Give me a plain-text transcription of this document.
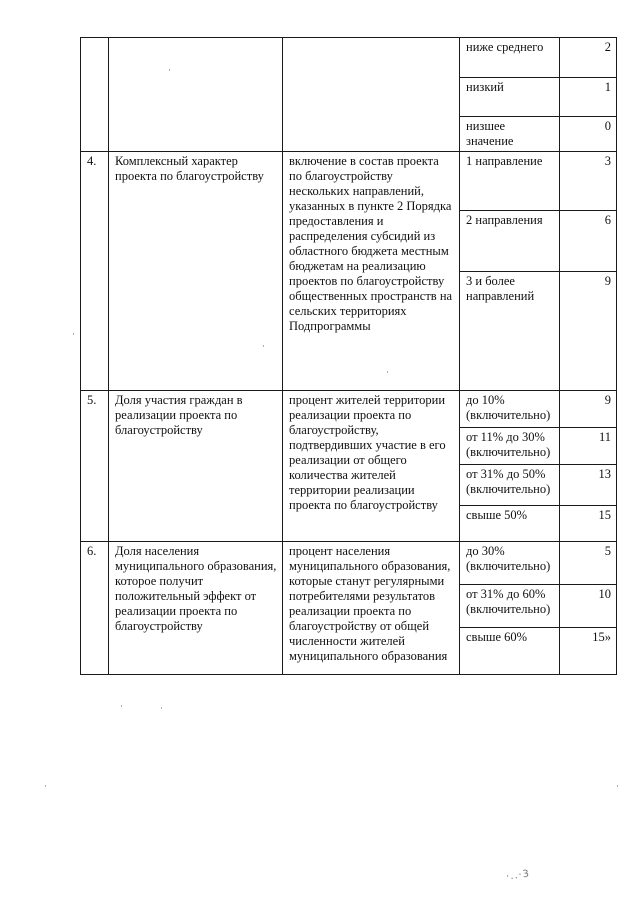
			ниже среднего	2
			низкий	1
			низшее значение	0
4.	Комплексный характер проекта по благоустройству	включение в состав проекта по благоустройству нескольких направлений, указанных в пункте 2 Порядка предоставления и распределения субсидий из областного бюджета местным бюджетам на реализацию проектов по благоустройству общественных пространств на сельских территориях Подпрограммы	1 направление	3
			2 направления	6
			3 и более направлений	9
5.	Доля участия граждан в реализации проекта по благоустройству	процент жителей территории реализации проекта по благоустройству, подтвердивших участие в его реализации от общего количества жителей территории реализации проекта по благоустройству	до 10% (включительно)	9
			от 11% до 30% (включительно)	11
			от 31% до 50% (включительно)	13
			свыше 50%	15
6.	Доля населения муниципального образования, которое получит положительный эффект от реализации проекта по благоустройству	процент населения муниципального образования, которые станут регулярными потребителями результатов реализации проекта по благоустройству от общей численности жителей муниципального образования	до 30% (включительно)	5
			от 31% до 60% (включительно)	10
			свыше 60%	15»
·
·
·
·
·	·
·	·
·..·3
